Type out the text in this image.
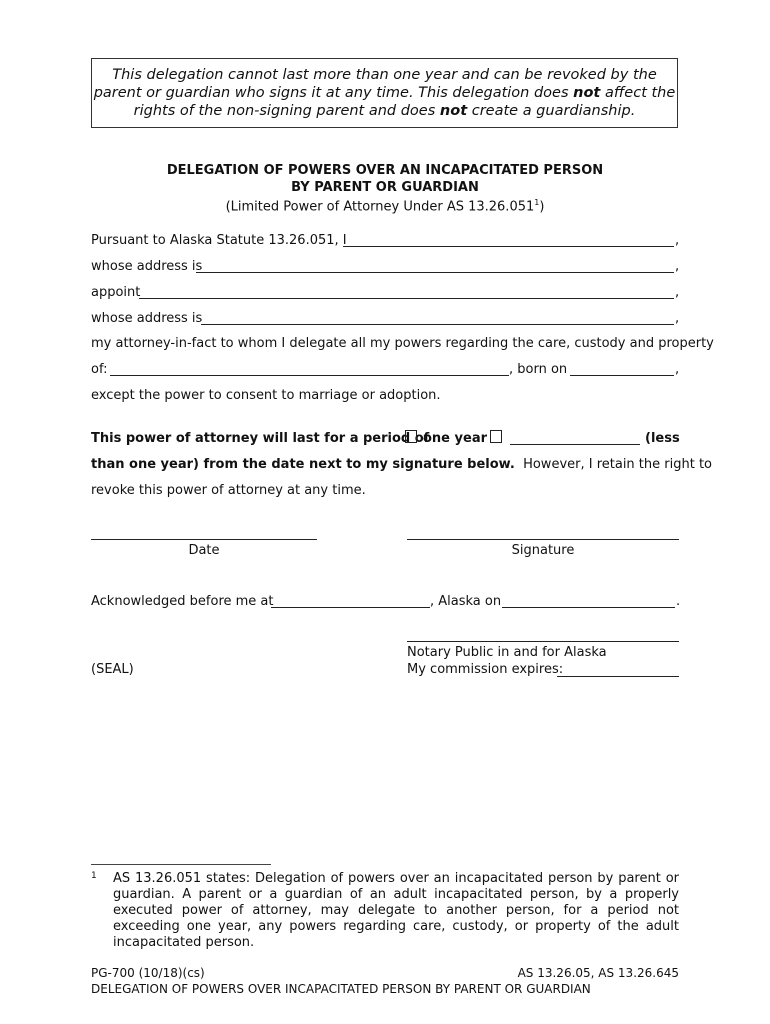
This delegation cannot last more than one year and can be revoked by the parent or guardian who signs it at any time. This delegation does not affect the rights of the non-signing parent and does not create a guardianship.
DELEGATION OF POWERS OVER AN INCAPACITATED PERSON
BY PARENT OR GUARDIAN
(Limited Power of Attorney Under AS 13.26.051$^1$)
Pursuant to Alaska Statute 13.26.051, I	,
whose address is	,
appoint	,
whose address is	,
my attorney-in-fact to whom I delegate all my powers regarding the care, custody and property
of:	, born on	,
except the power to consent to marriage or adoption.
This power of attorney will last for a period of
one year	(less
than one year) from the date next to my signature below. However, I retain the right to
revoke this power of attorney at any time.
Date	Signature
Acknowledged before me at	, Alaska on	.
Notary Public in and for Alaska
My commission expires:
(SEAL)
1 AS 13.26.051 states: Delegation of powers over an incapacitated person by parent or guardian. A parent or a guardian of an adult incapacitated person, by a properly executed power of attorney, may delegate to another person, for a period not exceeding one year, any powers regarding care, custody, or property of the adult incapacitated person.
PG-700 (10/18)(cs)	AS 13.26.05, AS 13.26.645
DELEGATION OF POWERS OVER INCAPACITATED PERSON BY PARENT OR GUARDIAN
